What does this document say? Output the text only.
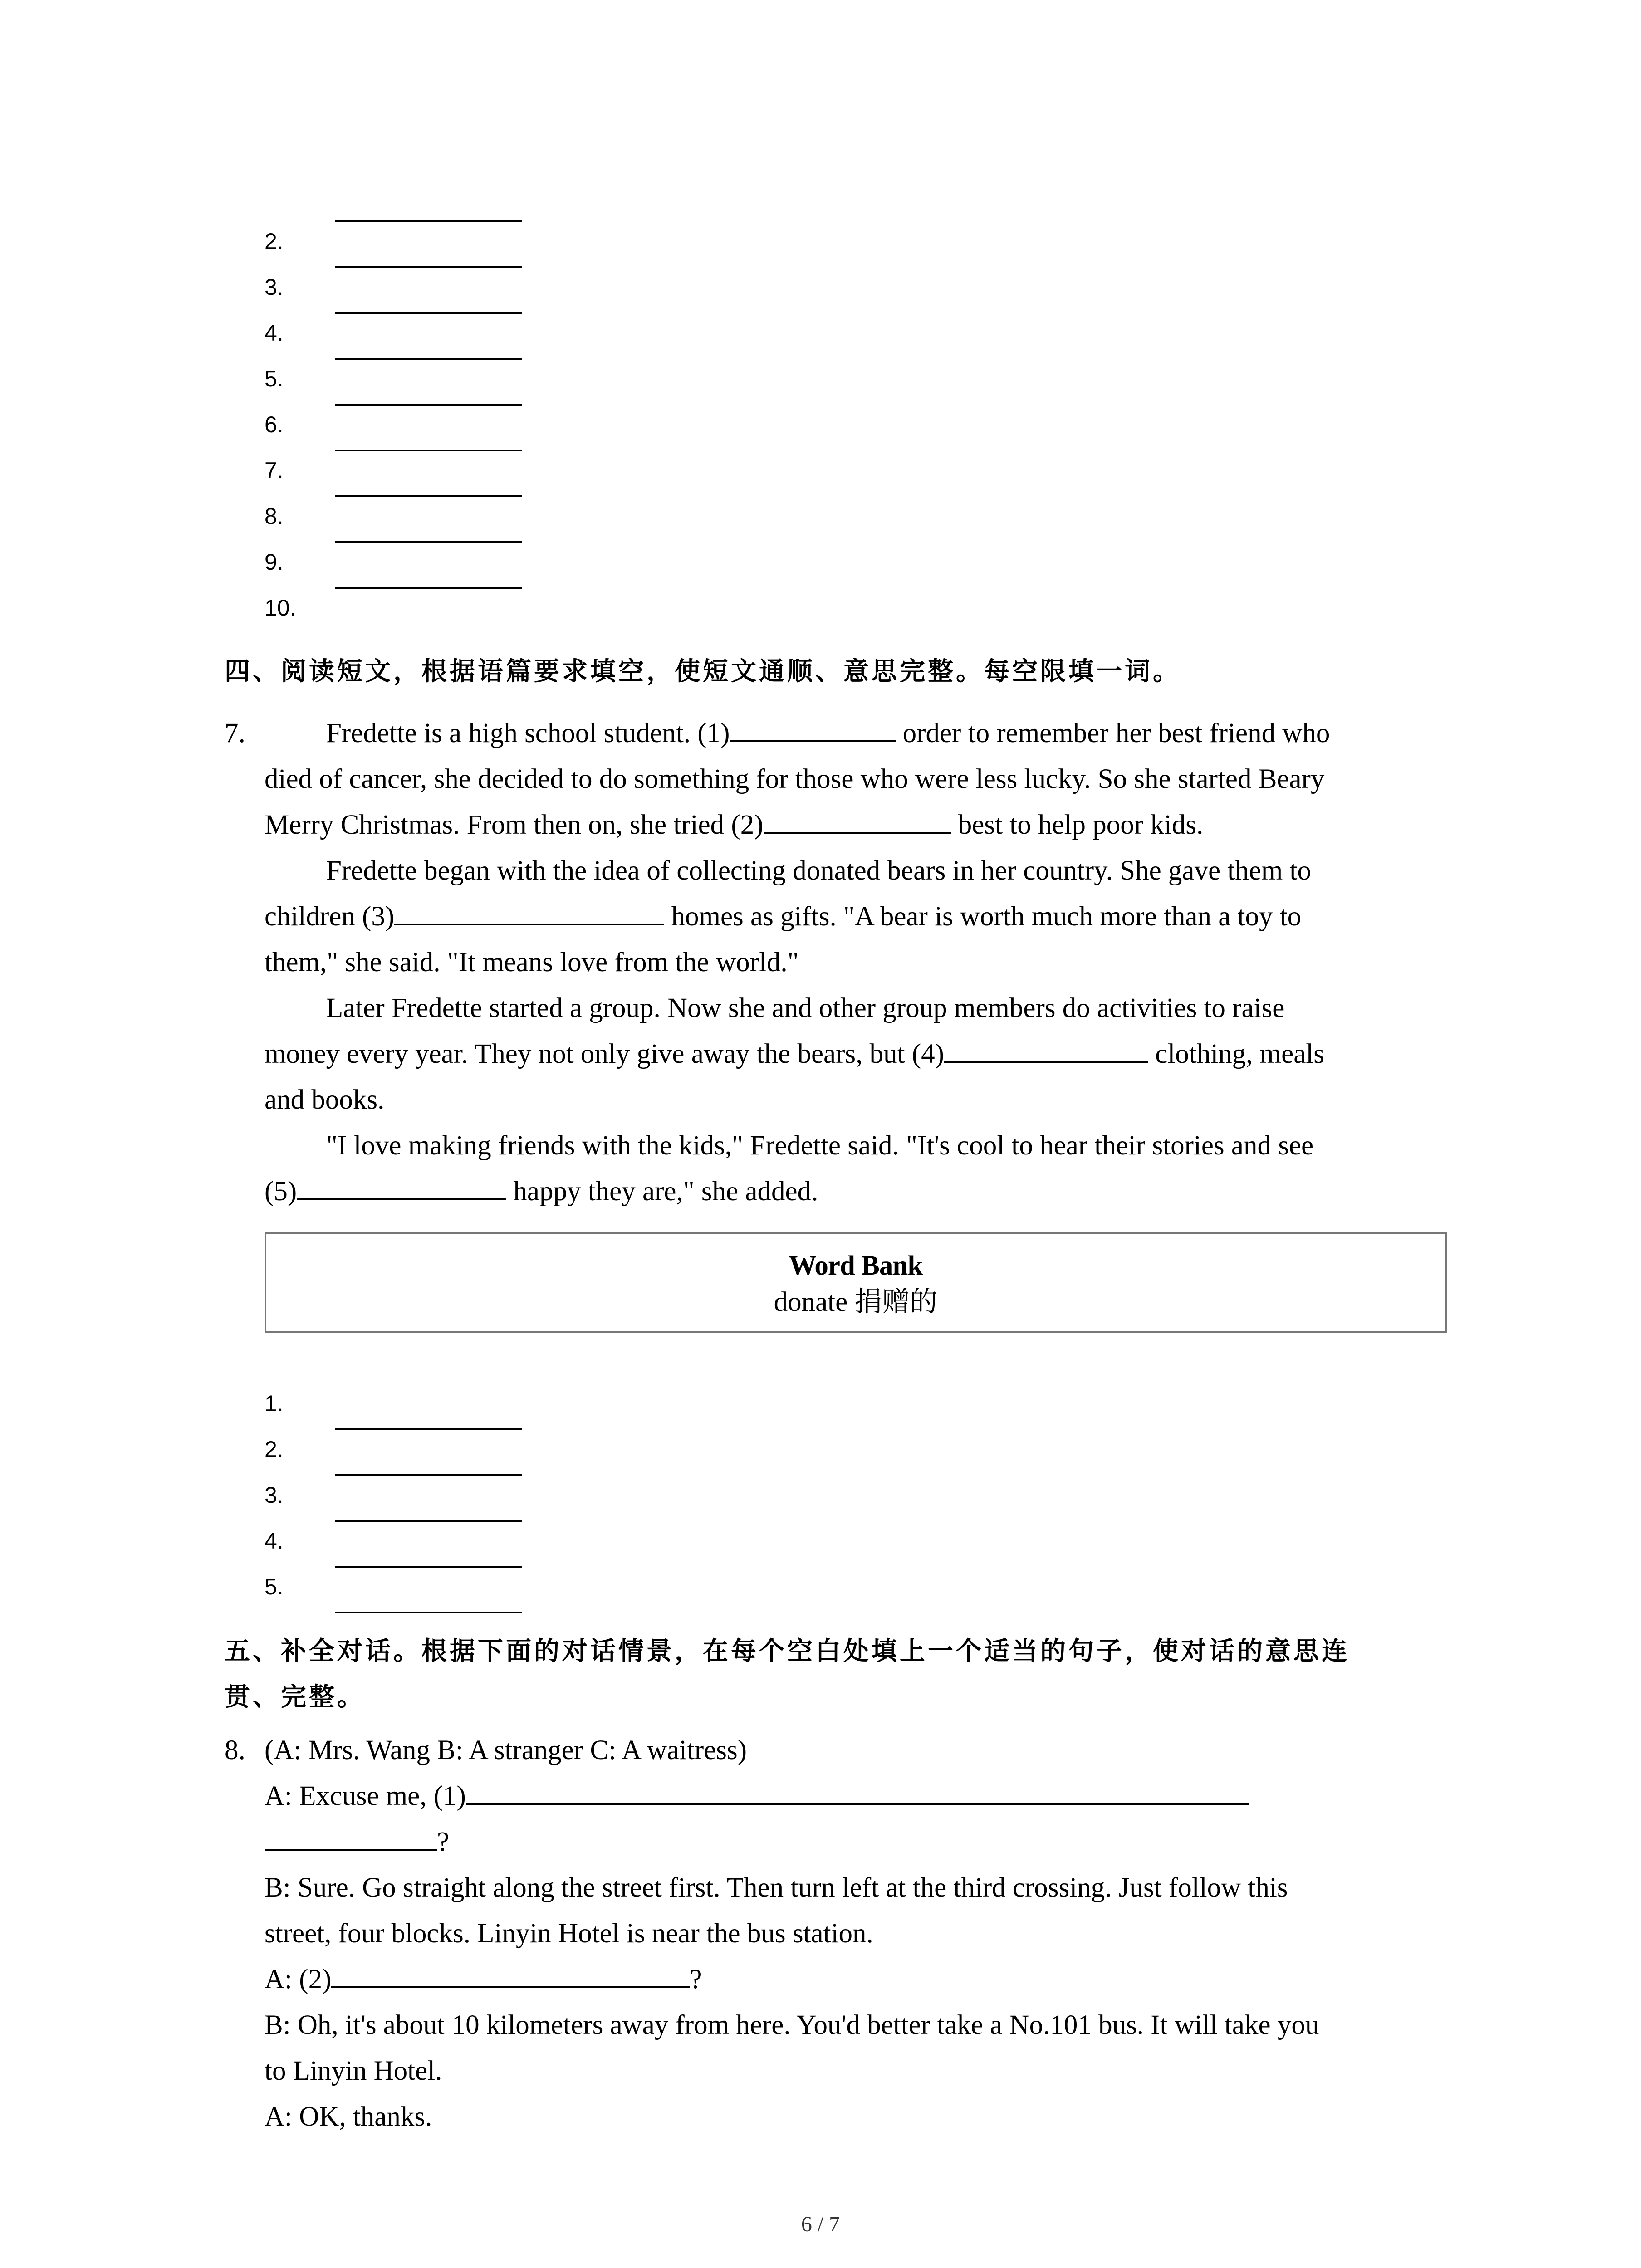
2.
3.
4.
5.
6.
7.
8.
9.
10.
四、阅读短文，根据语篇要求填空，使短文通顺、意思完整。每空限填一词。
7.	Fredette is a high school student. (1)	order to remember her best friend who
died of cancer, she decided to do something for those who were less lucky. So she started Beary
Merry Christmas. From then on, she tried (2)	best to help poor kids.
Fredette began with the idea of collecting donated bears in her country. She gave them to
children (3)	homes as gifts. "A bear is worth much more than a toy to
them," she said. "It means love from the world."
Later Fredette started a group. Now she and other group members do activities to raise
money every year. They not only give away the bears, but (4)	clothing, meals
and books.
"I love making friends with the kids," Fredette said. "It's cool to hear their stories and see
(5)	happy they are," she added.
Word Bank
donate 捐赠的
1.
2.
3.
4.
5.
五、补全对话。根据下面的对话情景，在每个空白处填上一个适当的句子，使对话的意思连
贯、完整。
8. (A: Mrs. Wang B: A stranger C: A waitress)
A: Excuse me, (1)
?
B: Sure. Go straight along the street first. Then turn left at the third crossing. Just follow this
street, four blocks. Linyin Hotel is near the bus station.
A: (2)	?
B: Oh, it's about 10 kilometers away from here. You'd better take a No.101 bus. It will take you
to Linyin Hotel.
A: OK, thanks.
6 / 7
